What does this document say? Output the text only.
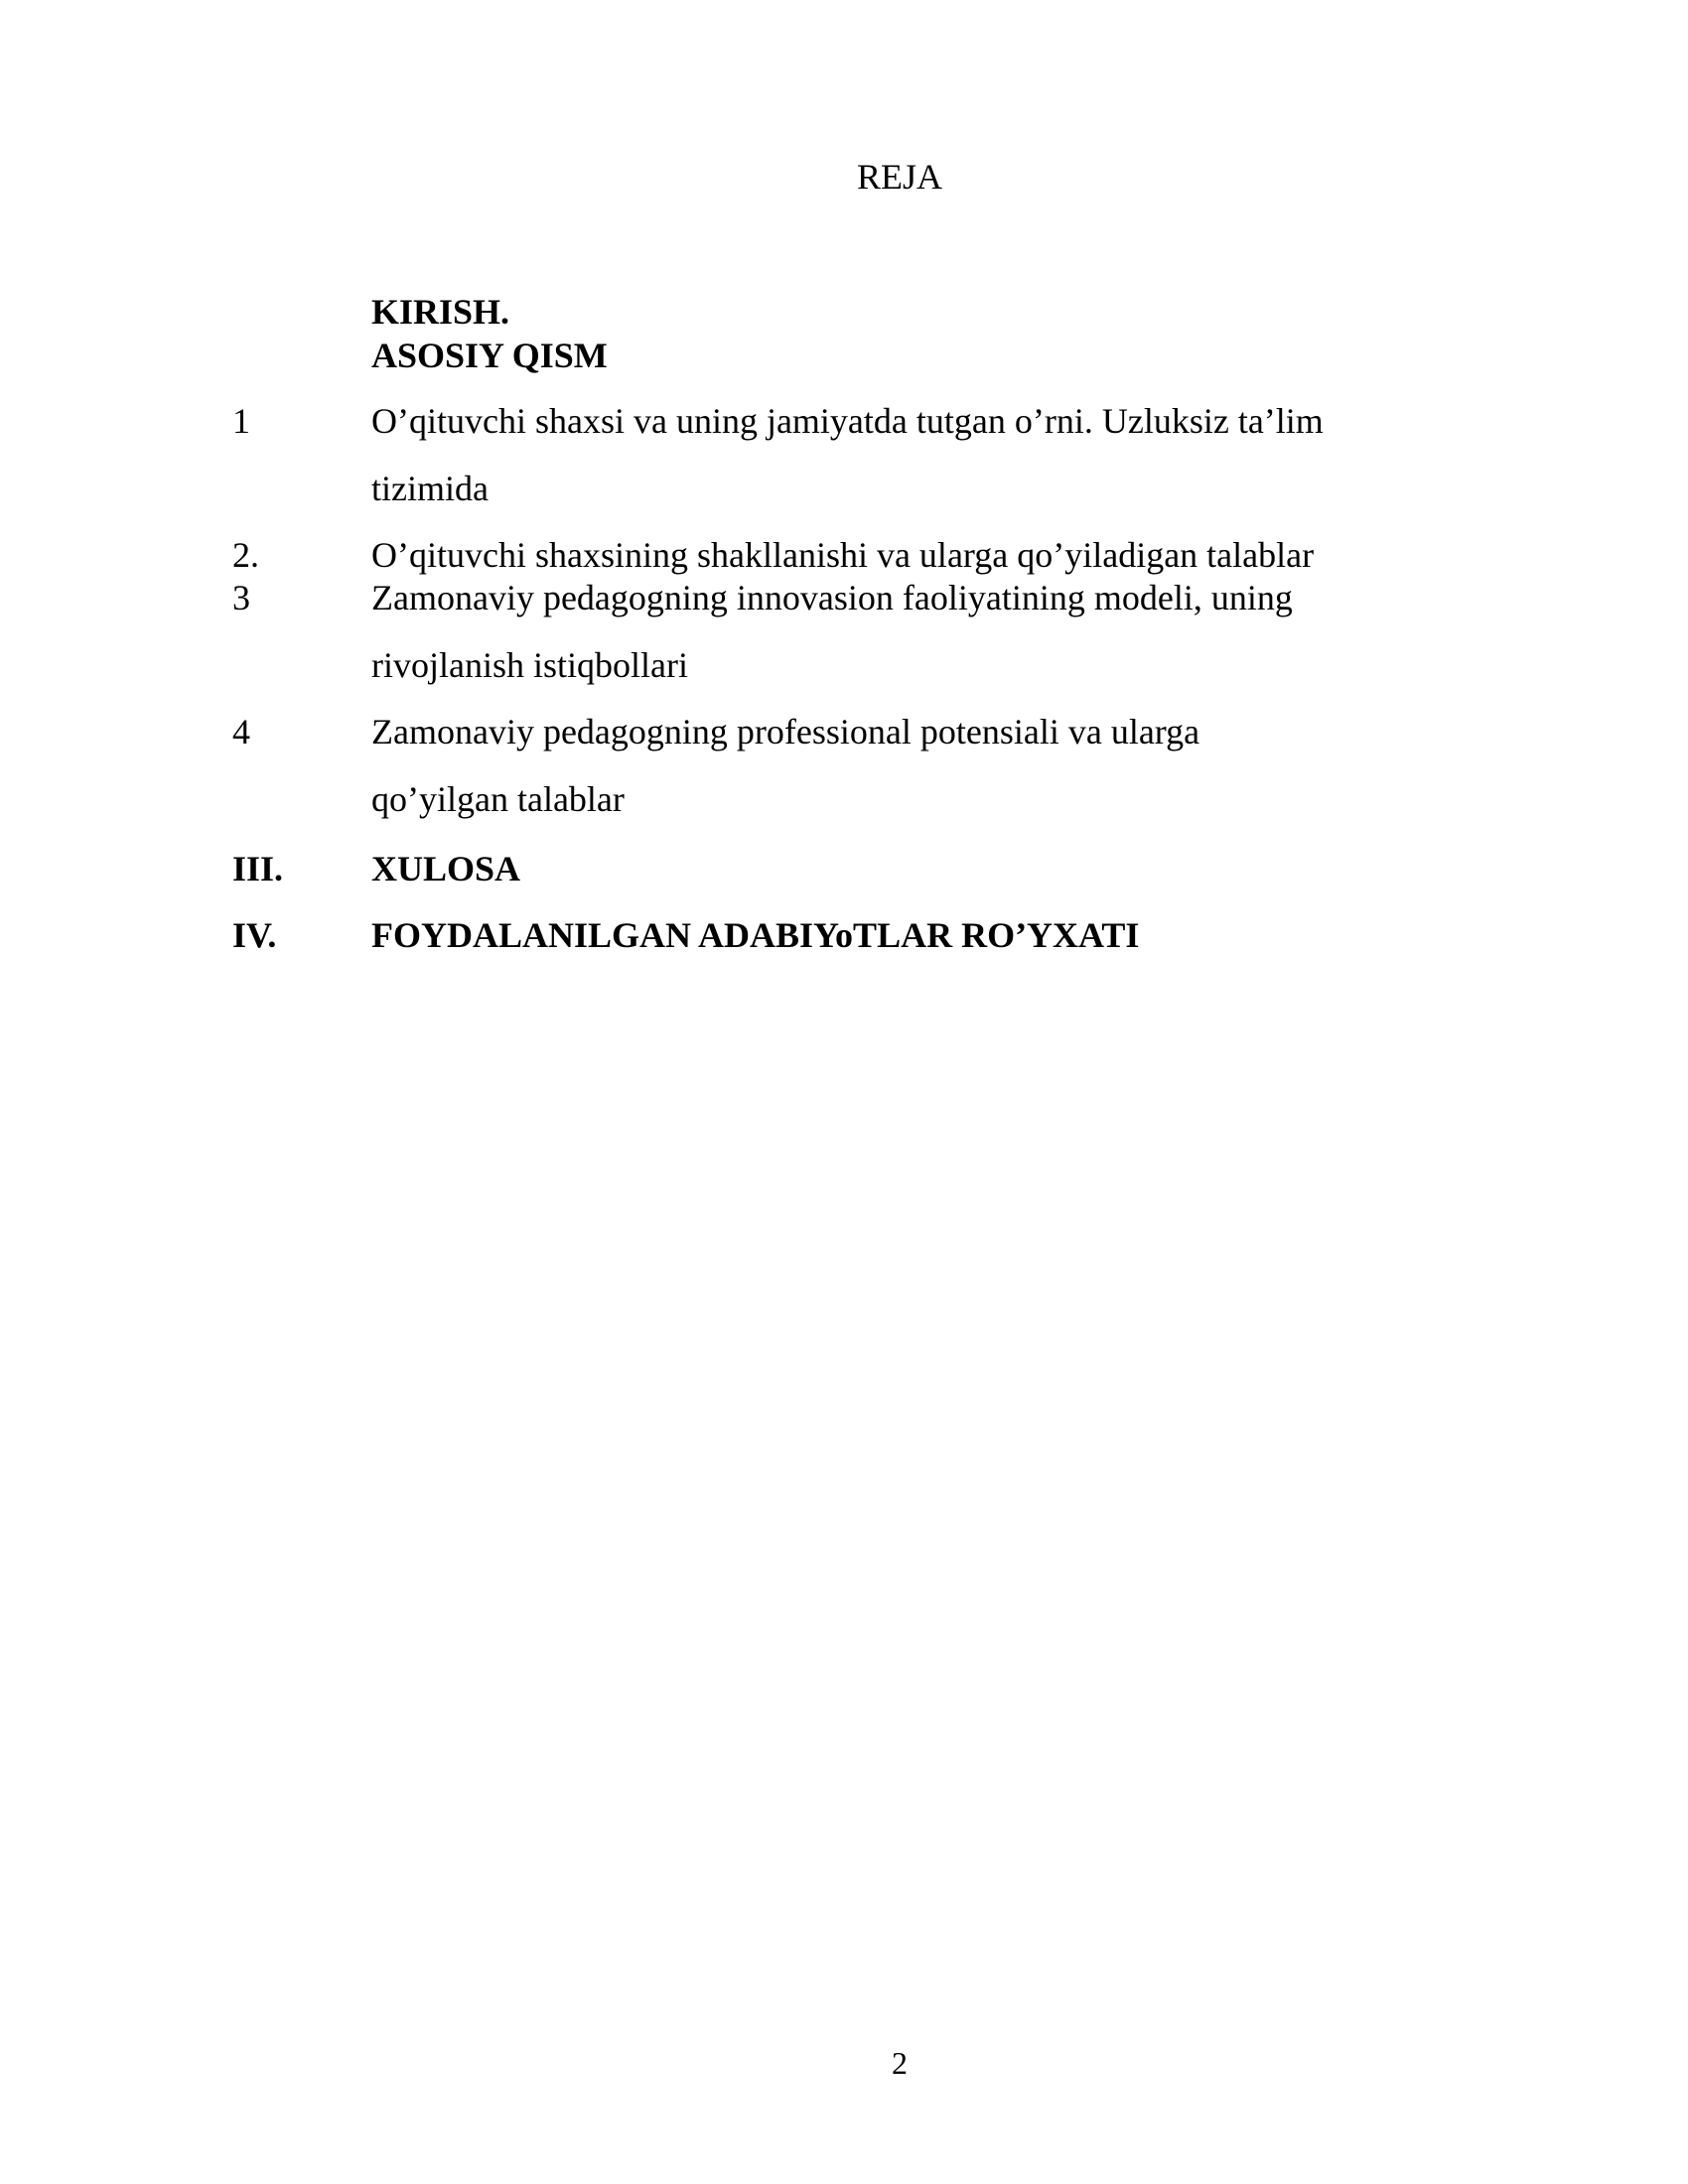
REJA
KIRISH.
ASOSIY QISM
1	O’qituvchi shaxsi va uning jamiyatda tutgan o’rni. Uzluksiz ta’lim
tizimida
2.	O’qituvchi shaxsining shakllanishi va ularga qo’yiladigan talablar
3	Zamonaviy pedagogning innovasion faoliyatining modeli, uning
rivojlanish istiqbollari
4	Zamonaviy pedagogning professional potensiali va ularga
qo’yilgan talablar
III. XULOSA
IV.	FOYDALANILGAN ADABIYoTLAR RO’YXATI
2
